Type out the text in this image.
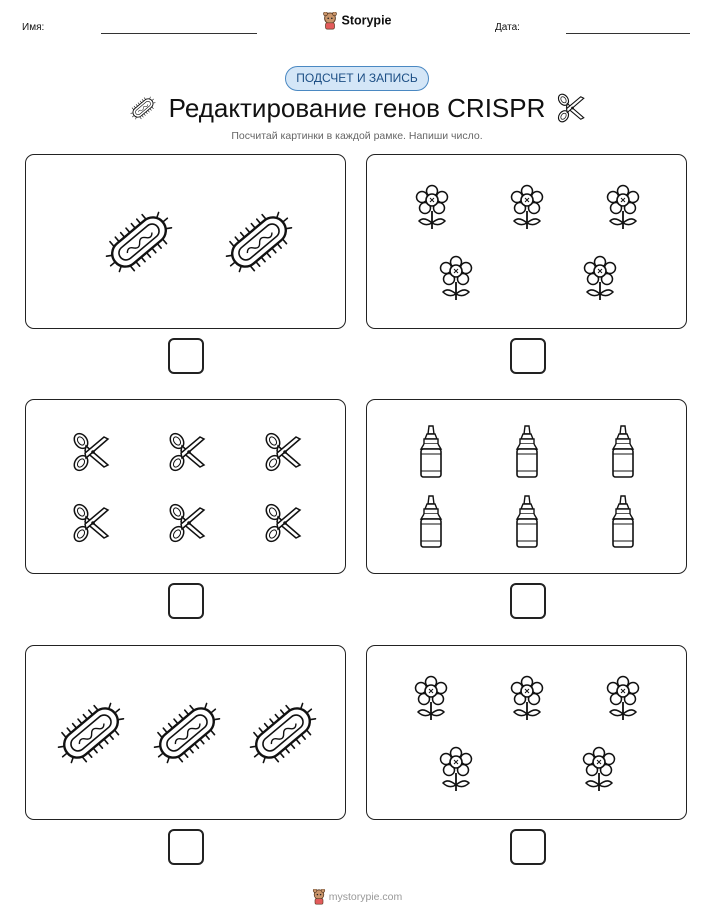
Имя:	Дата:
Storypie
ПОДСЧЕТ И ЗАПИСЬ
Редактирование генов CRISPR
Посчитай картинки в каждой рамке. Напиши число.
mystorypie.com
